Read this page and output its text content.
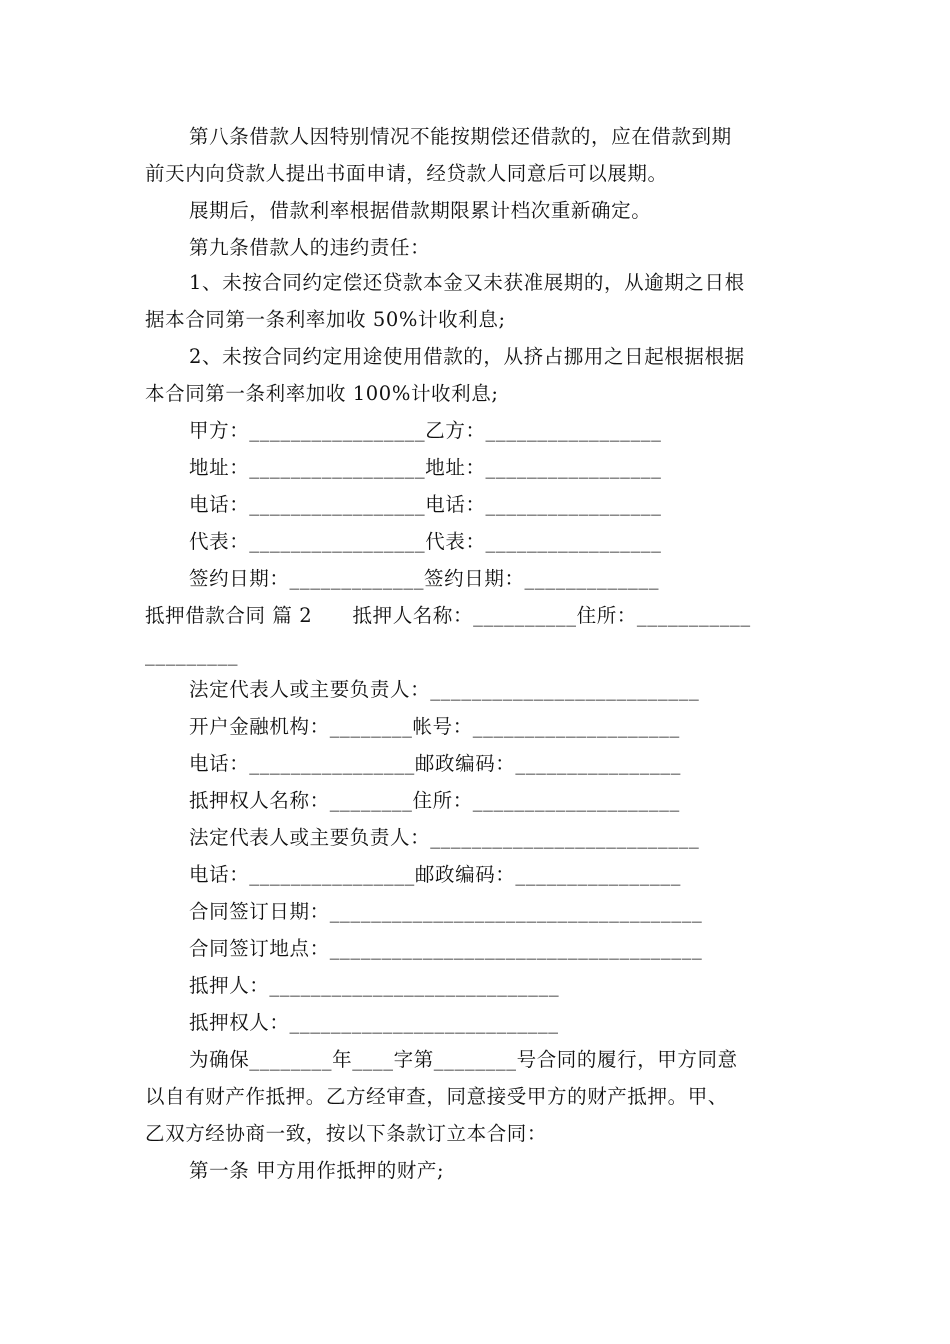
第八条借款人因特别情况不能按期偿还借款的，应在借款到期
前天内向贷款人提出书面申请，经贷款人同意后可以展期。
展期后，借款利率根据借款期限累计档次重新确定。
第九条借款人的违约责任：
1、未按合同约定偿还贷款本金又未获准展期的，从逾期之日根
据本合同第一条利率加收 50%计收利息;
2、未按合同约定用途使用借款的，从挤占挪用之日起根据根据
本合同第一条利率加收 100%计收利息;
甲方：_________________乙方：_________________
地址：_________________地址：_________________
电话：_________________电话：_________________
代表：_________________代表：_________________
签约日期：_____________签约日期：_____________
抵押借款合同 篇 2　　抵押人名称：__________住所：___________
_________
法定代表人或主要负责人：__________________________
开户金融机构：________帐号：____________________
电话：________________邮政编码：________________
抵押权人名称：________住所：____________________
法定代表人或主要负责人：__________________________
电话：________________邮政编码：________________
合同签订日期：____________________________________
合同签订地点：____________________________________
抵押人：____________________________
抵押权人：__________________________
为确保________年____字第________号合同的履行，甲方同意
以自有财产作抵押。乙方经审查，同意接受甲方的财产抵押。甲、
乙双方经协商一致，按以下条款订立本合同：
第一条 甲方用作抵押的财产;
